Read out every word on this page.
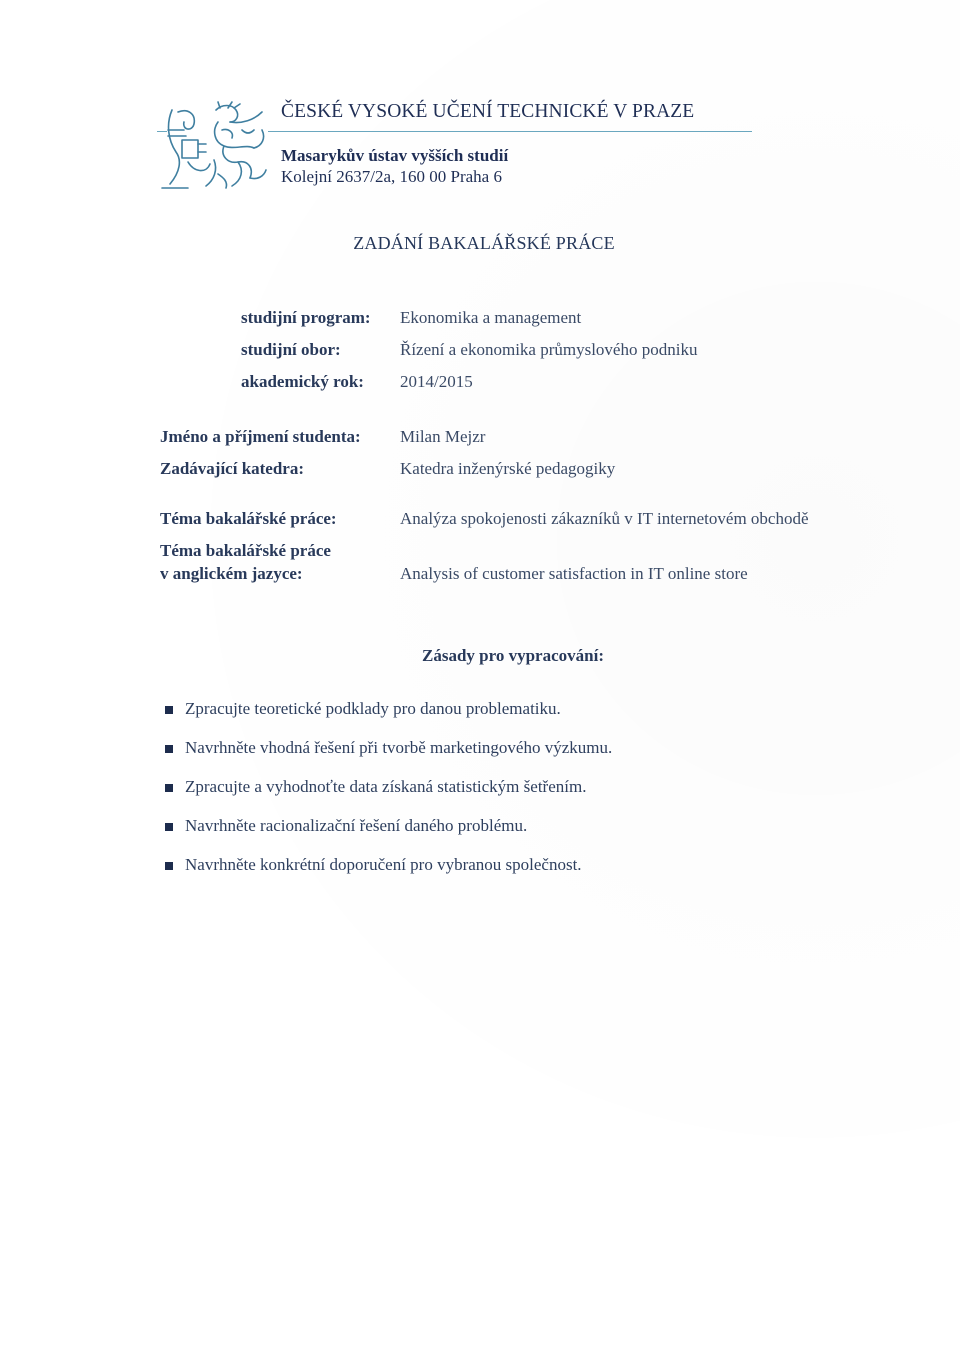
ČESKÉ VYSOKÉ UČENÍ TECHNICKÉ V PRAZE
Masarykův ústav vyšších studií
Kolejní 2637/2a, 160 00 Praha 6
ZADÁNÍ BAKALÁŘSKÉ PRÁCE
studijní program: Ekonomika a management
studijní obor:	Řízení a ekonomika průmyslového podniku
akademický rok: 2014/2015
Jméno a příjmení studenta: Milan Mejzr
Zadávající katedra:	Katedra inženýrské pedagogiky
Téma bakalářské práce:	Analýza spokojenosti zákazníků v IT internetovém obchodě
Téma bakalářské práce
v anglickém jazyce:	Analysis of customer satisfaction in IT online store
Zásady pro vypracování:
Zpracujte teoretické podklady pro danou problematiku.
Navrhněte vhodná řešení při tvorbě marketingového výzkumu.
Zpracujte a vyhodnoťte data získaná statistickým šetřením.
Navrhněte racionalizační řešení daného problému.
Navrhněte konkrétní doporučení pro vybranou společnost.
